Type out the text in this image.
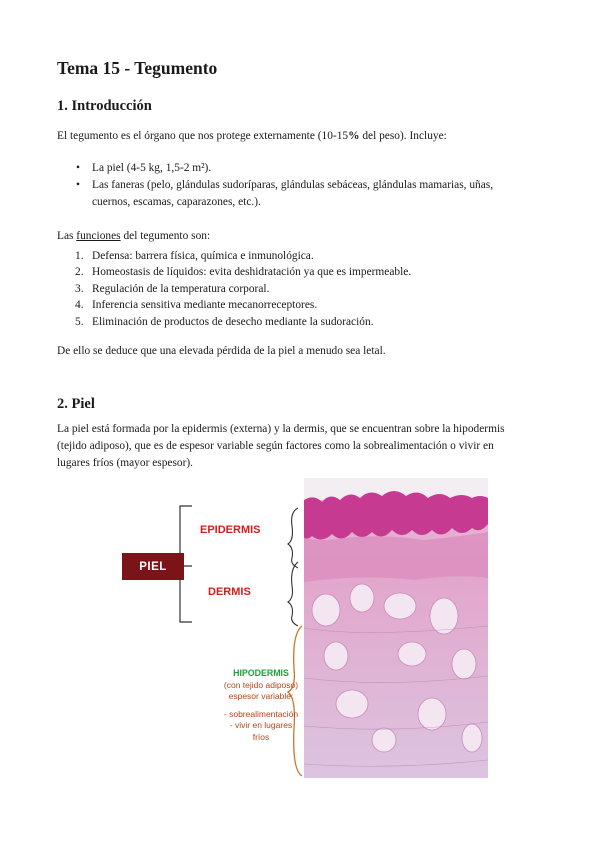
Tema 15 - Tegumento
1. Introducción

El tegumento es el órgano que nos protege externamente (10-15% del peso). Incluye:

• La piel (4-5 kg, 1,5-2 m²).
• Las faneras (pelo, glándulas sudoríparas, glándulas sebáceas, glándulas mamarias, uñas, cuernos, escamas, caparazones, etc.).

Las funciones del tegumento son:

1. Defensa: barrera física, química e inmunológica.
2. Homeostasis de líquidos: evita deshidratación ya que es impermeable.
3. Regulación de la temperatura corporal.
4. Inferencia sensitiva mediante mecanorreceptores.
5. Eliminación de productos de desecho mediante la sudoración.

De ello se deduce que una elevada pérdida de la piel a menudo sea letal.

2. Piel

La piel está formada por la epidermis (externa) y la dermis, que se encuentran sobre la hipodermis (tejido adiposo), que es de espesor variable según factores como la sobrealimentación o vivir en lugares fríos (mayor espesor).

PIEL
EPIDERMIS
DERMIS
HIPODERMIS
(con tejido adiposo)
espesor variable:
- sobrealimentación
- vivir en lugares
fríos
